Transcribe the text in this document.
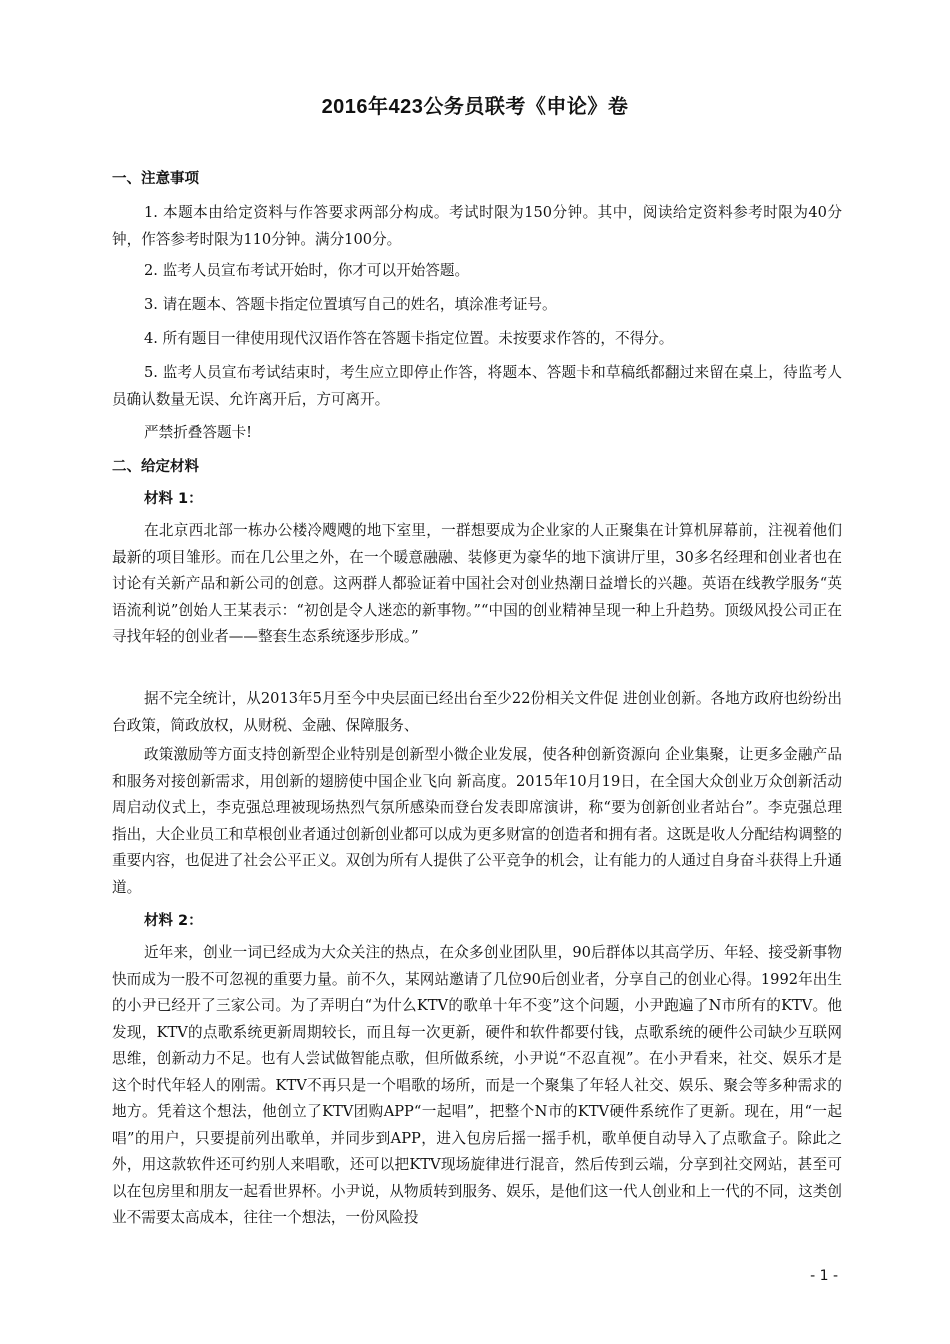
2016年423公务员联考《申论》卷
一、注意事项
1. 本题本由给定资料与作答要求两部分构成。考试时限为150分钟。其中，阅读给定资料参考时限为40分钟，作答参考时限为110分钟。满分100分。
2. 监考人员宣布考试开始时，你才可以开始答题。
3. 请在题本、答题卡指定位置填写自己的姓名，填涂准考证号。
4. 所有题目一律使用现代汉语作答在答题卡指定位置。未按要求作答的，不得分。
5. 监考人员宣布考试结束时，考生应立即停止作答，将题本、答题卡和草稿纸都翻过来留在桌上，待监考人员确认数量无误、允许离开后，方可离开。
严禁折叠答题卡!
二、给定材料
材料 1：
在北京西北部一栋办公楼冷飕飕的地下室里，一群想要成为企业家的人正聚集在计算机屏幕前，注视着他们最新的项目雏形。而在几公里之外，在一个暖意融融、装修更为豪华的地下演讲厅里，30多名经理和创业者也在讨论有关新产品和新公司的创意。这两群人都验证着中国社会对创业热潮日益增长的兴趣。英语在线教学服务“英语流利说”创始人王某表示：“初创是令人迷恋的新事物。”“中国的创业精神呈现一种上升趋势。顶级风投公司正在寻找年轻的创业者——整套生态系统逐步形成。”
据不完全统计，从2013年5月至今中央层面已经出台至少22份相关文件促 进创业创新。各地方政府也纷纷出台政策，简政放权，从财税、金融、保障服务、
政策激励等方面支持创新型企业特别是创新型小微企业发展，使各种创新资源向 企业集聚，让更多金融产品和服务对接创新需求，用创新的翅膀使中国企业飞向 新高度。2015年10月19日，在全国大众创业万众创新活动周启动仪式上，李克强总理被现场热烈气氛所感染而登台发表即席演讲，称“要为创新创业者站台”。李克强总理指出，大企业员工和草根创业者通过创新创业都可以成为更多财富的创造者和拥有者。这既是收人分配结构调整的重要内容，也促进了社会公平正义。双创为所有人提供了公平竞争的机会，让有能力的人通过自身奋斗获得上升通道。
材料 2：
近年来，创业一词已经成为大众关注的热点，在众多创业团队里，90后群体以其高学历、年轻、接受新事物快而成为一股不可忽视的重要力量。前不久，某网站邀请了几位90后创业者，分享自己的创业心得。1992年出生的小尹已经开了三家公司。为了弄明白“为什么KTV的歌单十年不变”这个问题，小尹跑遍了N市所有的KTV。他发现，KTV的点歌系统更新周期较长，而且每一次更新，硬件和软件都要付钱，点歌系统的硬件公司缺少互联网思维，创新动力不足。也有人尝试做智能点歌，但所做系统，小尹说“不忍直视”。在小尹看来，社交、娱乐才是这个时代年轻人的刚需。KTV不再只是一个唱歌的场所，而是一个聚集了年轻人社交、娱乐、聚会等多种需求的地方。凭着这个想法，他创立了KTV团购APP“一起唱”，把整个N市的KTV硬件系统作了更新。现在，用“一起唱”的用户，只要提前列出歌单，并同步到APP，进入包房后摇一摇手机，歌单便自动导入了点歌盒子。除此之外，用这款软件还可约别人来唱歌，还可以把KTV现场旋律进行混音，然后传到云端，分享到社交网站，甚至可以在包房里和朋友一起看世界杯。小尹说，从物质转到服务、娱乐，是他们这一代人创业和上一代的不同，这类创业不需要太高成本，往往一个想法，一份风险投
- 1 -
